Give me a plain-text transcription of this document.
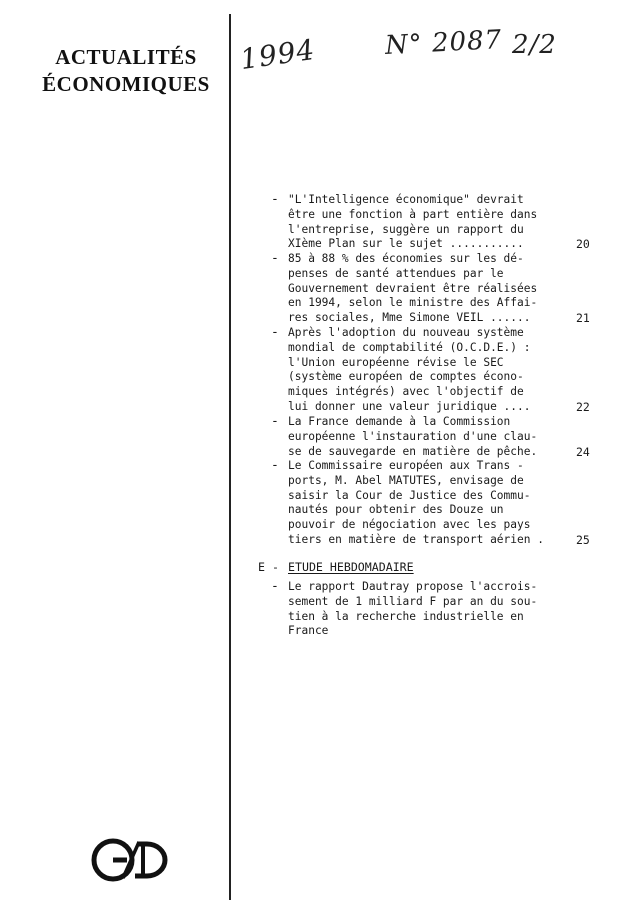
ACTUALITÉS
ÉCONOMIQUES
1994	N° 2087 2/2
- "L'Intelligence économique" devrait
être une fonction à part entière dans
l'entreprise, suggère un rapport du
XIème Plan sur le sujet ...........	20
- 85 à 88 % des économies sur les dé-
penses de santé attendues par le
Gouvernement devraient être réalisées
en 1994, selon le ministre des Affai-
res sociales, Mme Simone VEIL ......	21
- Après l'adoption du nouveau système
mondial de comptabilité (O.C.D.E.) :
l'Union européenne révise le SEC
(système européen de comptes écono-
miques intégrés) avec l'objectif de
lui donner une valeur juridique ....	22
- La France demande à la Commission
européenne l'instauration d'une clau-
se de sauvegarde en matière de pêche.	24
- Le Commissaire européen aux Trans -
ports, M. Abel MATUTES, envisage de
saisir la Cour de Justice des Commu-
nautés pour obtenir des Douze un
pouvoir de négociation avec les pays
tiers en matière de transport aérien .	25
- Le rapport Dautray propose l'accrois-
sement de 1 milliard F par an du sou-
tien à la recherche industrielle en
France
E - ETUDE HEBDOMADAIRE
